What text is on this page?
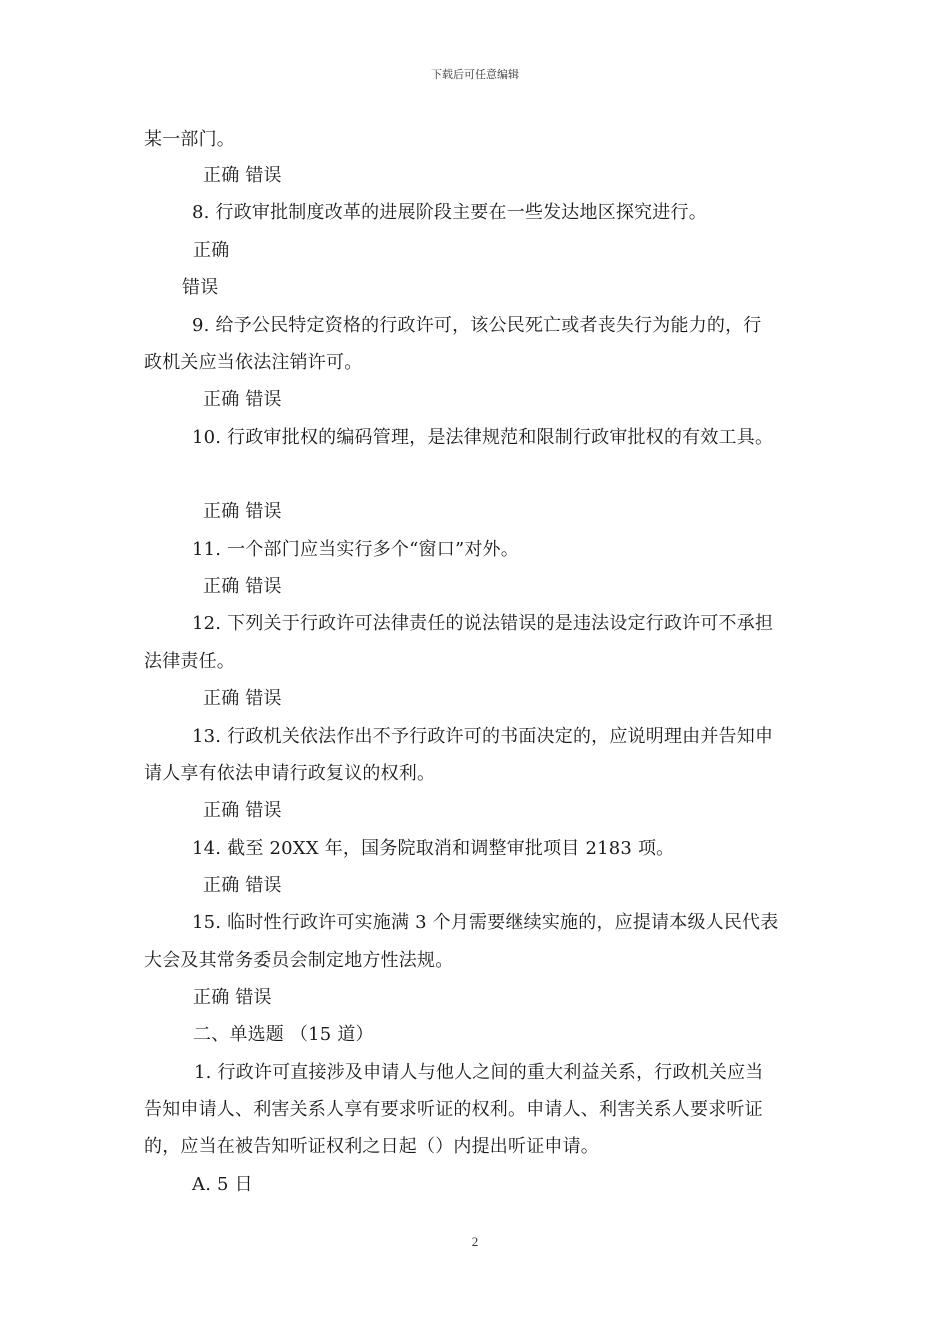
下载后可任意编辑
某一部门。
正确 错误
8. 行政审批制度改革的进展阶段主要在一些发达地区探究进行。
正确
错误
9. 给予公民特定资格的行政许可，该公民死亡或者丧失行为能力的，行
政机关应当依法注销许可。
正确 错误
10. 行政审批权的编码管理，是法律规范和限制行政审批权的有效工具。
正确 错误
11. 一个部门应当实行多个“窗口”对外。
正确 错误
12. 下列关于行政许可法律责任的说法错误的是违法设定行政许可不承担
法律责任。
正确 错误
13. 行政机关依法作出不予行政许可的书面决定的，应说明理由并告知申
请人享有依法申请行政复议的权利。
正确 错误
14. 截至 20XX 年，国务院取消和调整审批项目 2183 项。
正确 错误
15. 临时性行政许可实施满 3 个月需要继续实施的，应提请本级人民代表
大会及其常务委员会制定地方性法规。
正确 错误
二、单选题 （15 道）
1. 行政许可直接涉及申请人与他人之间的重大利益关系，行政机关应当
告知申请人、利害关系人享有要求听证的权利。申请人、利害关系人要求听证
的，应当在被告知听证权利之日起（）内提出听证申请。
A. 5 日
2
